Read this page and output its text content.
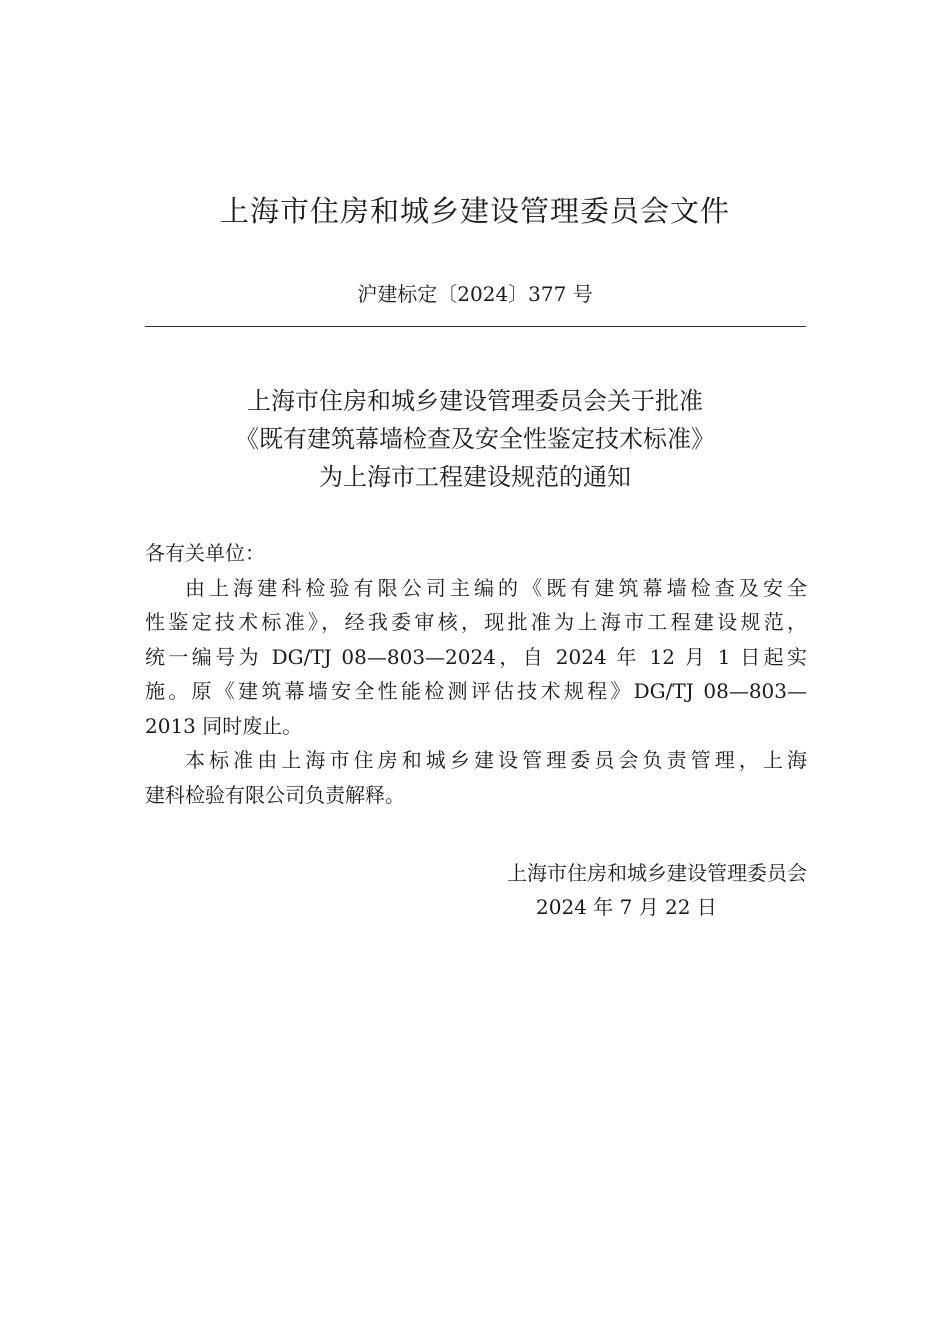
上海市住房和城乡建设管理委员会文件
沪建标定〔2024〕377 号
上海市住房和城乡建设管理委员会关于批准
《既有建筑幕墙检查及安全性鉴定技术标准》
为上海市工程建设规范的通知
各有关单位：
由上海建科检验有限公司主编的《既有建筑幕墙检查及安全
性鉴定技术标准》，经我委审核，现批准为上海市工程建设规范，
统一编号为 DG/TJ 08—803—2024，自 2024 年 12 月 1 日起实
施。原《建筑幕墙安全性能检测评估技术规程》DG/TJ 08—803—
2013 同时废止。
本标准由上海市住房和城乡建设管理委员会负责管理，上海
建科检验有限公司负责解释。
上海市住房和城乡建设管理委员会
2024 年 7 月 22 日
